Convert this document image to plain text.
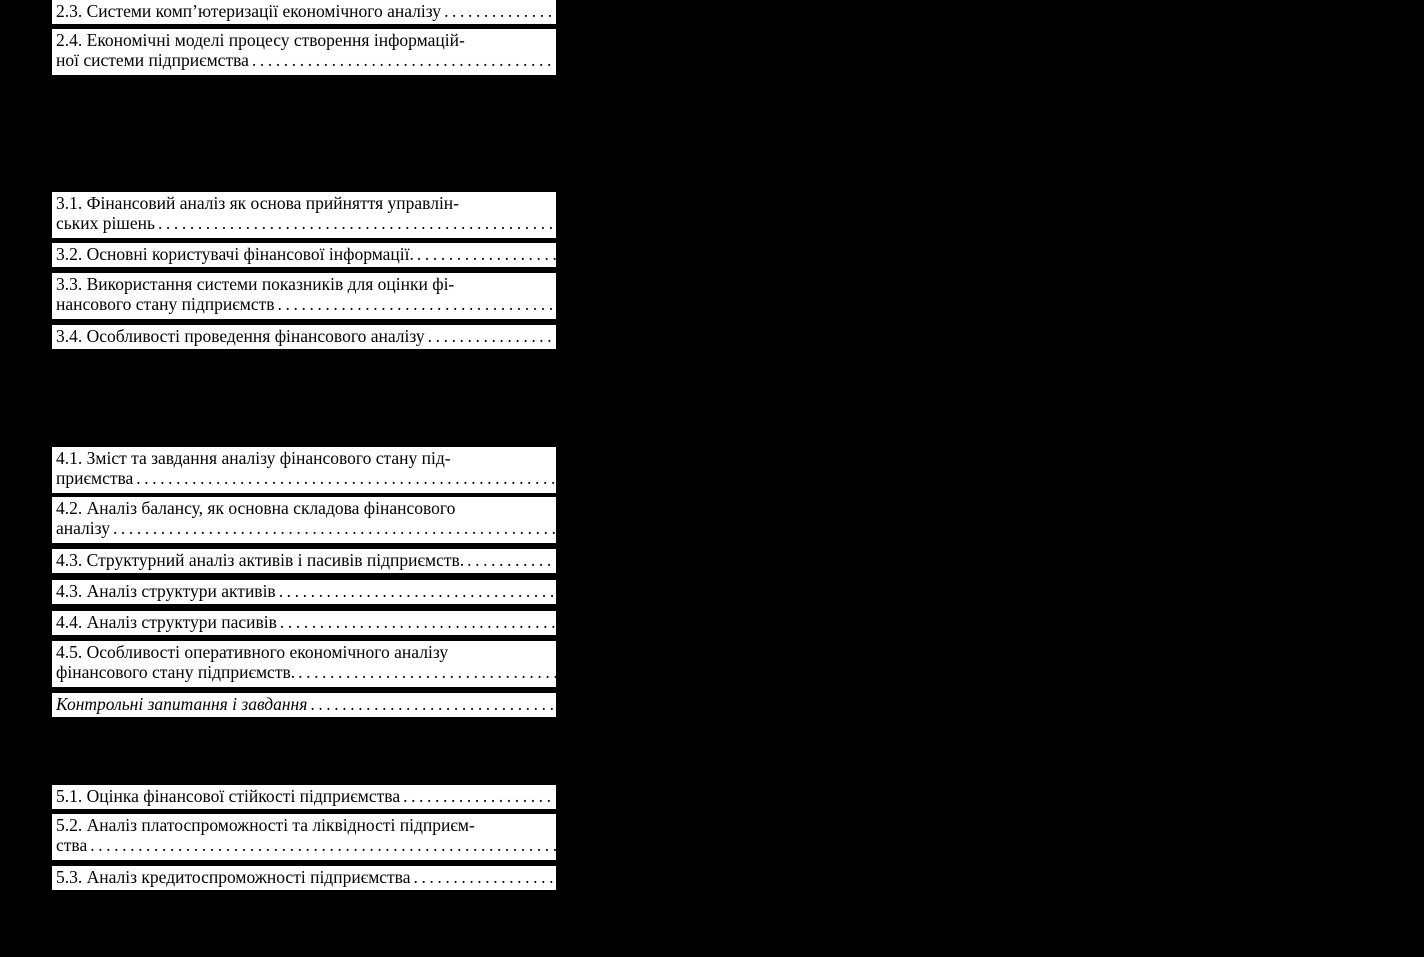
2.3. Системи комп’ютеризації економічного аналізу ........................................................................................................................
2.4. Економічні моделі процесу створення інформацій-
ної системи підприємства ........................................................................................................................
3.1. Фінансовий аналіз як основа прийняття управлін-
ських рішень ........................................................................................................................
3.2. Основні користувачі фінансової інформації. ........................................................................................................................
3.3. Використання системи показників для оцінки фі-
нансового стану підприємств ........................................................................................................................
3.4. Особливості проведення фінансового аналізу ........................................................................................................................
4.1. Зміст та завдання аналізу фінансового стану під-
приємства ........................................................................................................................
4.2. Аналіз балансу, як основна складова фінансового
аналізу ........................................................................................................................
4.3. Структурний аналіз активів і пасивів підприємств. ........................................................................................................................
4.3. Аналіз структури активів ........................................................................................................................
4.4. Аналіз структури пасивів ........................................................................................................................
4.5. Особливості оперативного економічного аналізу
фінансового стану підприємств. ........................................................................................................................
Контрольні запитання і завдання ........................................................................................................................
5.1. Оцінка фінансової стійкості підприємства ........................................................................................................................
5.2. Аналіз платоспроможності та ліквідності підприєм-
ства ........................................................................................................................
5.3. Аналіз кредитоспроможності підприємства ........................................................................................................................
